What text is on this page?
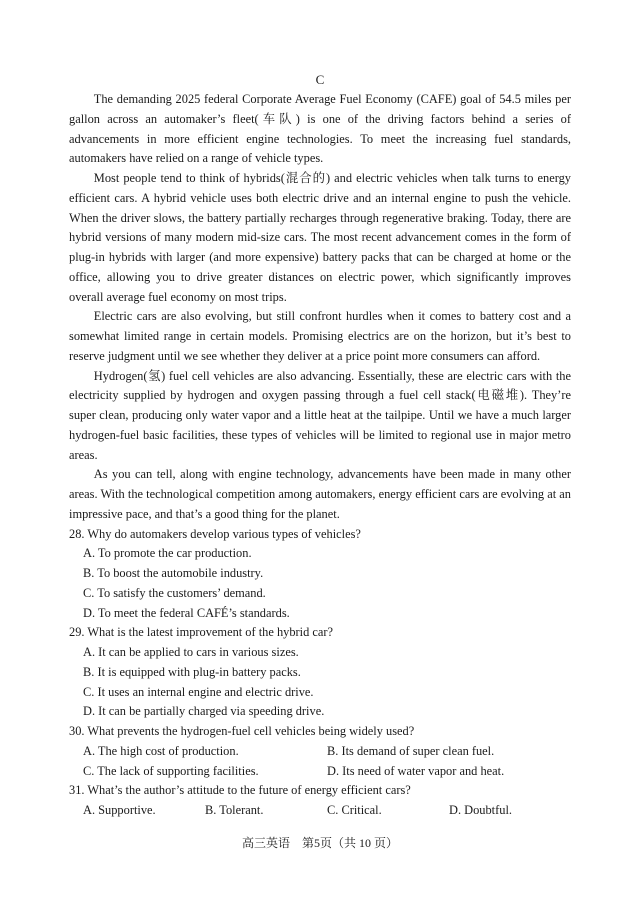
C

The demanding 2025 federal Corporate Average Fuel Economy (CAFE) goal of 54.5 miles per gallon across an automaker’s fleet(车队) is one of the driving factors behind a series of advancements in more efficient engine technologies. To meet the increasing fuel standards, automakers have relied on a range of vehicle types.

Most people tend to think of hybrids(混合的) and electric vehicles when talk turns to energy efficient cars. A hybrid vehicle uses both electric drive and an internal engine to push the vehicle. When the driver slows, the battery partially recharges through regenerative braking. Today, there are hybrid versions of many modern mid-size cars. The most recent advancement comes in the form of plug-in hybrids with larger (and more expensive) battery packs that can be charged at home or the office, allowing you to drive greater distances on electric power, which significantly improves overall average fuel economy on most trips.

Electric cars are also evolving, but still confront hurdles when it comes to battery cost and a somewhat limited range in certain models. Promising electrics are on the horizon, but it’s best to reserve judgment until we see whether they deliver at a price point more consumers can afford.

Hydrogen(氢) fuel cell vehicles are also advancing. Essentially, these are electric cars with the electricity supplied by hydrogen and oxygen passing through a fuel cell stack(电磁堆). They’re super clean, producing only water vapor and a little heat at the tailpipe. Until we have a much larger hydrogen-fuel basic facilities, these types of vehicles will be limited to regional use in major metro areas.

As you can tell, along with engine technology, advancements have been made in many other areas. With the technological competition among automakers, energy efficient cars are evolving at an impressive pace, and that’s a good thing for the planet.

28. Why do automakers develop various types of vehicles?

A. To promote the car production.
B. To boost the automobile industry.
C. To satisfy the customers’ demand.
D. To meet the federal CAFÉ’s standards.

29. What is the latest improvement of the hybrid car?

A. It can be applied to cars in various sizes.
B. It is equipped with plug-in battery packs.
C. It uses an internal engine and electric drive.
D. It can be partially charged via speeding drive.

30. What prevents the hydrogen-fuel cell vehicles being widely used?

A. The high cost of production.	B. Its demand of super clean fuel.
C. The lack of supporting facilities.	D. Its need of water vapor and heat.

31. What’s the author’s attitude to the future of energy efficient cars?

A. Supportive.	B. Tolerant.	C. Critical.	D. Doubtful.
高三英语    第5页（共 10 页）
